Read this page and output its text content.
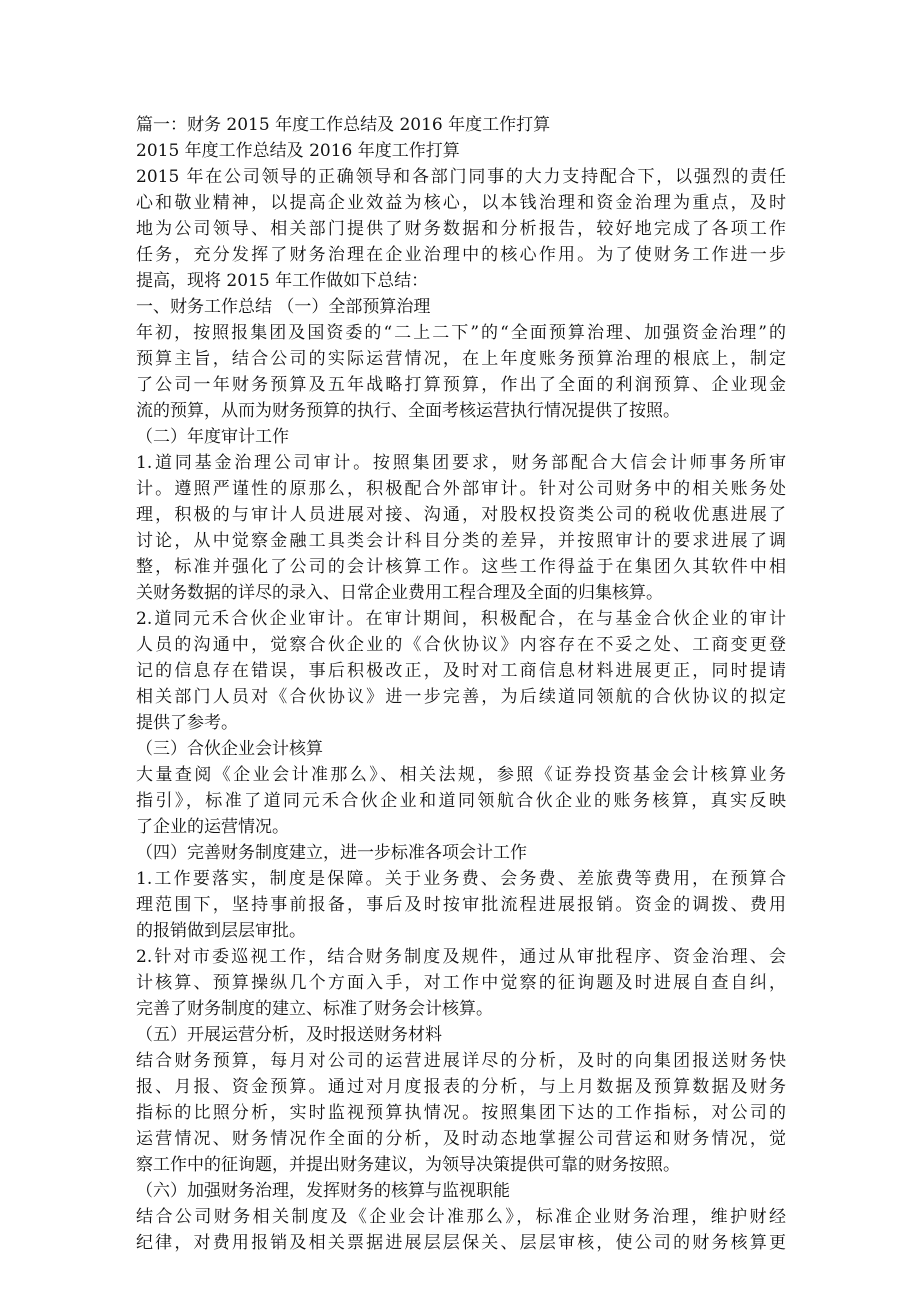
篇一：财务 2015 年度工作总结及 2016 年度工作打算
2015 年度工作总结及 2016 年度工作打算
2015 年在公司领导的正确领导和各部门同事的大力支持配合下，以强烈的责任
心和敬业精神，以提高企业效益为核心，以本钱治理和资金治理为重点，及时
地为公司领导、相关部门提供了财务数据和分析报告，较好地完成了各项工作
任务，充分发挥了财务治理在企业治理中的核心作用。为了使财务工作进一步
提高，现将 2015 年工作做如下总结：
一、财务工作总结 （一）全部预算治理
年初，按照报集团及国资委的“二上二下”的“全面预算治理、加强资金治理”的
预算主旨，结合公司的实际运营情况，在上年度账务预算治理的根底上，制定
了公司一年财务预算及五年战略打算预算，作出了全面的利润预算、企业现金
流的预算，从而为财务预算的执行、全面考核运营执行情况提供了按照。
（二）年度审计工作
1.道同基金治理公司审计。按照集团要求，财务部配合大信会计师事务所审
计。遵照严谨性的原那么，积极配合外部审计。针对公司财务中的相关账务处
理，积极的与审计人员进展对接、沟通，对股权投资类公司的税收优惠进展了
讨论，从中觉察金融工具类会计科目分类的差异，并按照审计的要求进展了调
整，标准并强化了公司的会计核算工作。这些工作得益于在集团久其软件中相
关财务数据的详尽的录入、日常企业费用工程合理及全面的归集核算。
2.道同元禾合伙企业审计。在审计期间，积极配合，在与基金合伙企业的审计
人员的沟通中，觉察合伙企业的《合伙协议》内容存在不妥之处、工商变更登
记的信息存在错误，事后积极改正，及时对工商信息材料进展更正，同时提请
相关部门人员对《合伙协议》进一步完善，为后续道同领航的合伙协议的拟定
提供了参考。
（三）合伙企业会计核算
大量查阅《企业会计准那么》、相关法规，参照《证券投资基金会计核算业务
指引》，标准了道同元禾合伙企业和道同领航合伙企业的账务核算，真实反映
了企业的运营情况。
（四）完善财务制度建立，进一步标准各项会计工作
1.工作要落实，制度是保障。关于业务费、会务费、差旅费等费用，在预算合
理范围下，坚持事前报备，事后及时按审批流程进展报销。资金的调拨、费用
的报销做到层层审批。
2.针对市委巡视工作，结合财务制度及规件，通过从审批程序、资金治理、会
计核算、预算操纵几个方面入手，对工作中觉察的征询题及时进展自查自纠，
完善了财务制度的建立、标准了财务会计核算。
（五）开展运营分析，及时报送财务材料
结合财务预算，每月对公司的运营进展详尽的分析，及时的向集团报送财务快
报、月报、资金预算。通过对月度报表的分析，与上月数据及预算数据及财务
指标的比照分析，实时监视预算执情况。按照集团下达的工作指标，对公司的
运营情况、财务情况作全面的分析，及时动态地掌握公司营运和财务情况，觉
察工作中的征询题，并提出财务建议，为领导决策提供可靠的财务按照。
（六）加强财务治理，发挥财务的核算与监视职能
结合公司财务相关制度及《企业会计准那么》，标准企业财务治理，维护财经
纪律，对费用报销及相关票据进展层层保关、层层审核，使公司的财务核算更
